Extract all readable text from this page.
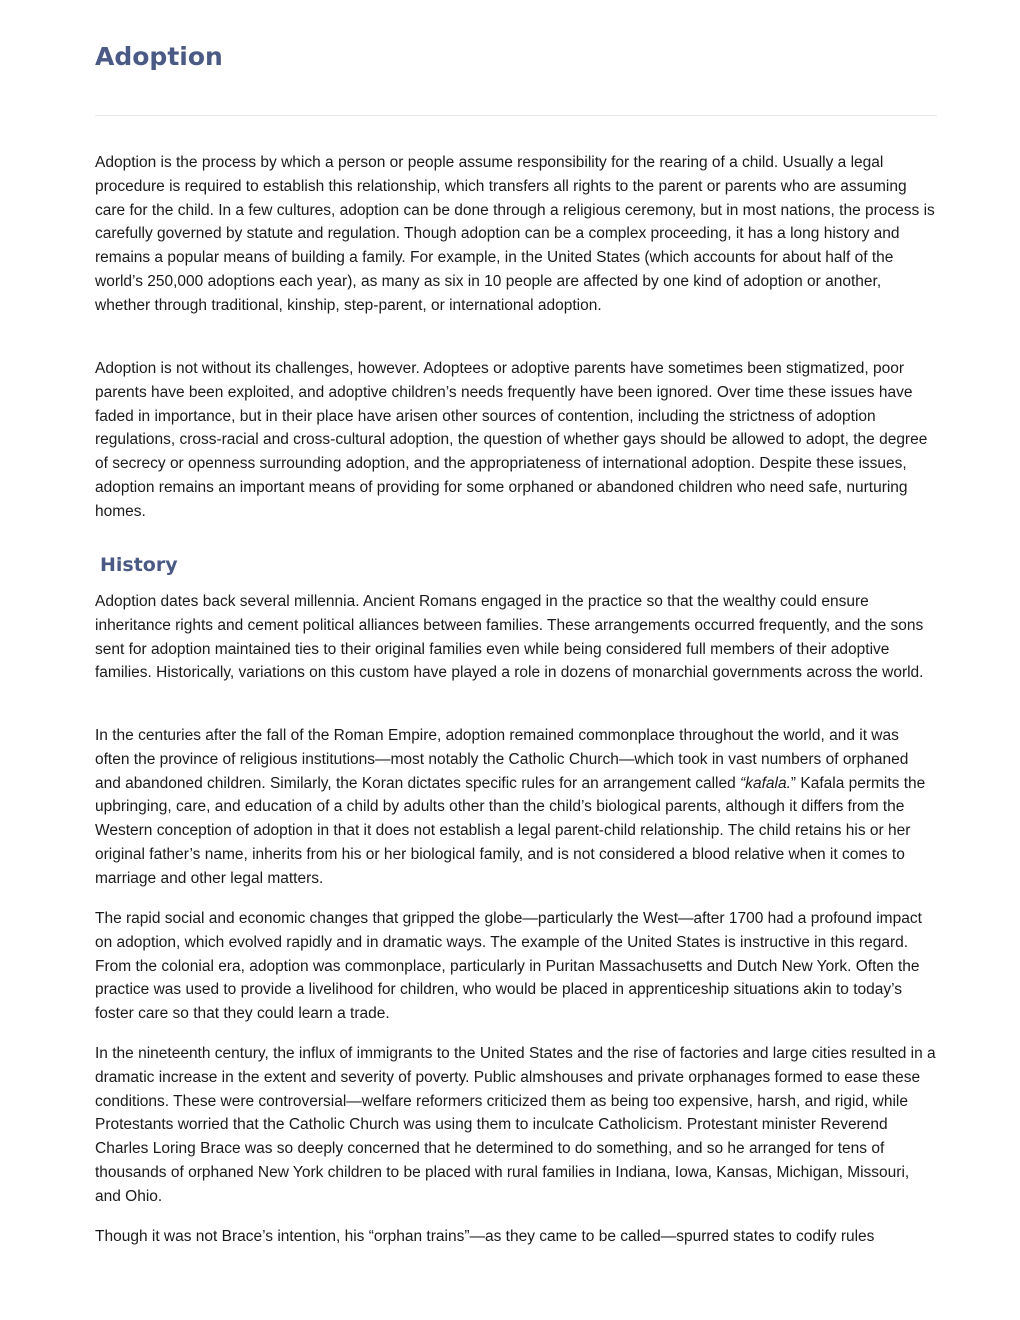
Adoption

Adoption is the process by which a person or people assume responsibility for the rearing of a child. Usually a legal procedure is required to establish this relationship, which transfers all rights to the parent or parents who are assuming care for the child. In a few cultures, adoption can be done through a religious ceremony, but in most nations, the process is carefully governed by statute and regulation. Though adoption can be a complex proceeding, it has a long history and remains a popular means of building a family. For example, in the United States (which accounts for about half of the world’s 250,000 adoptions each year), as many as six in 10 people are affected by one kind of adoption or another, whether through traditional, kinship, step-parent, or international adoption.

Adoption is not without its challenges, however. Adoptees or adoptive parents have sometimes been stigmatized, poor parents have been exploited, and adoptive children’s needs frequently have been ignored. Over time these issues have faded in importance, but in their place have arisen other sources of contention, including the strictness of adoption regulations, cross-racial and cross-cultural adoption, the question of whether gays should be allowed to adopt, the degree of secrecy or openness surrounding adoption, and the appropriateness of international adoption. Despite these issues, adoption remains an important means of providing for some orphaned or abandoned children who need safe, nurturing homes.

History

Adoption dates back several millennia. Ancient Romans engaged in the practice so that the wealthy could ensure inheritance rights and cement political alliances between families. These arrangements occurred frequently, and the sons sent for adoption maintained ties to their original families even while being considered full members of their adoptive families. Historically, variations on this custom have played a role in dozens of monarchial governments across the world.

In the centuries after the fall of the Roman Empire, adoption remained commonplace throughout the world, and it was often the province of religious institutions—most notably the Catholic Church—which took in vast numbers of orphaned and abandoned children. Similarly, the Koran dictates specific rules for an arrangement called “kafala.” Kafala permits the upbringing, care, and education of a child by adults other than the child’s biological parents, although it differs from the Western conception of adoption in that it does not establish a legal parent-child relationship. The child retains his or her original father’s name, inherits from his or her biological family, and is not considered a blood relative when it comes to marriage and other legal matters.

The rapid social and economic changes that gripped the globe—particularly the West—after 1700 had a profound impact on adoption, which evolved rapidly and in dramatic ways. The example of the United States is instructive in this regard. From the colonial era, adoption was commonplace, particularly in Puritan Massachusetts and Dutch New York. Often the practice was used to provide a livelihood for children, who would be placed in apprenticeship situations akin to today’s foster care so that they could learn a trade.

In the nineteenth century, the influx of immigrants to the United States and the rise of factories and large cities resulted in a dramatic increase in the extent and severity of poverty. Public almshouses and private orphanages formed to ease these conditions. These were controversial—welfare reformers criticized them as being too expensive, harsh, and rigid, while Protestants worried that the Catholic Church was using them to inculcate Catholicism. Protestant minister Reverend Charles Loring Brace was so deeply concerned that he determined to do something, and so he arranged for tens of thousands of orphaned New York children to be placed with rural families in Indiana, Iowa, Kansas, Michigan, Missouri, and Ohio.

Though it was not Brace’s intention, his “orphan trains”—as they came to be called—spurred states to codify rules
